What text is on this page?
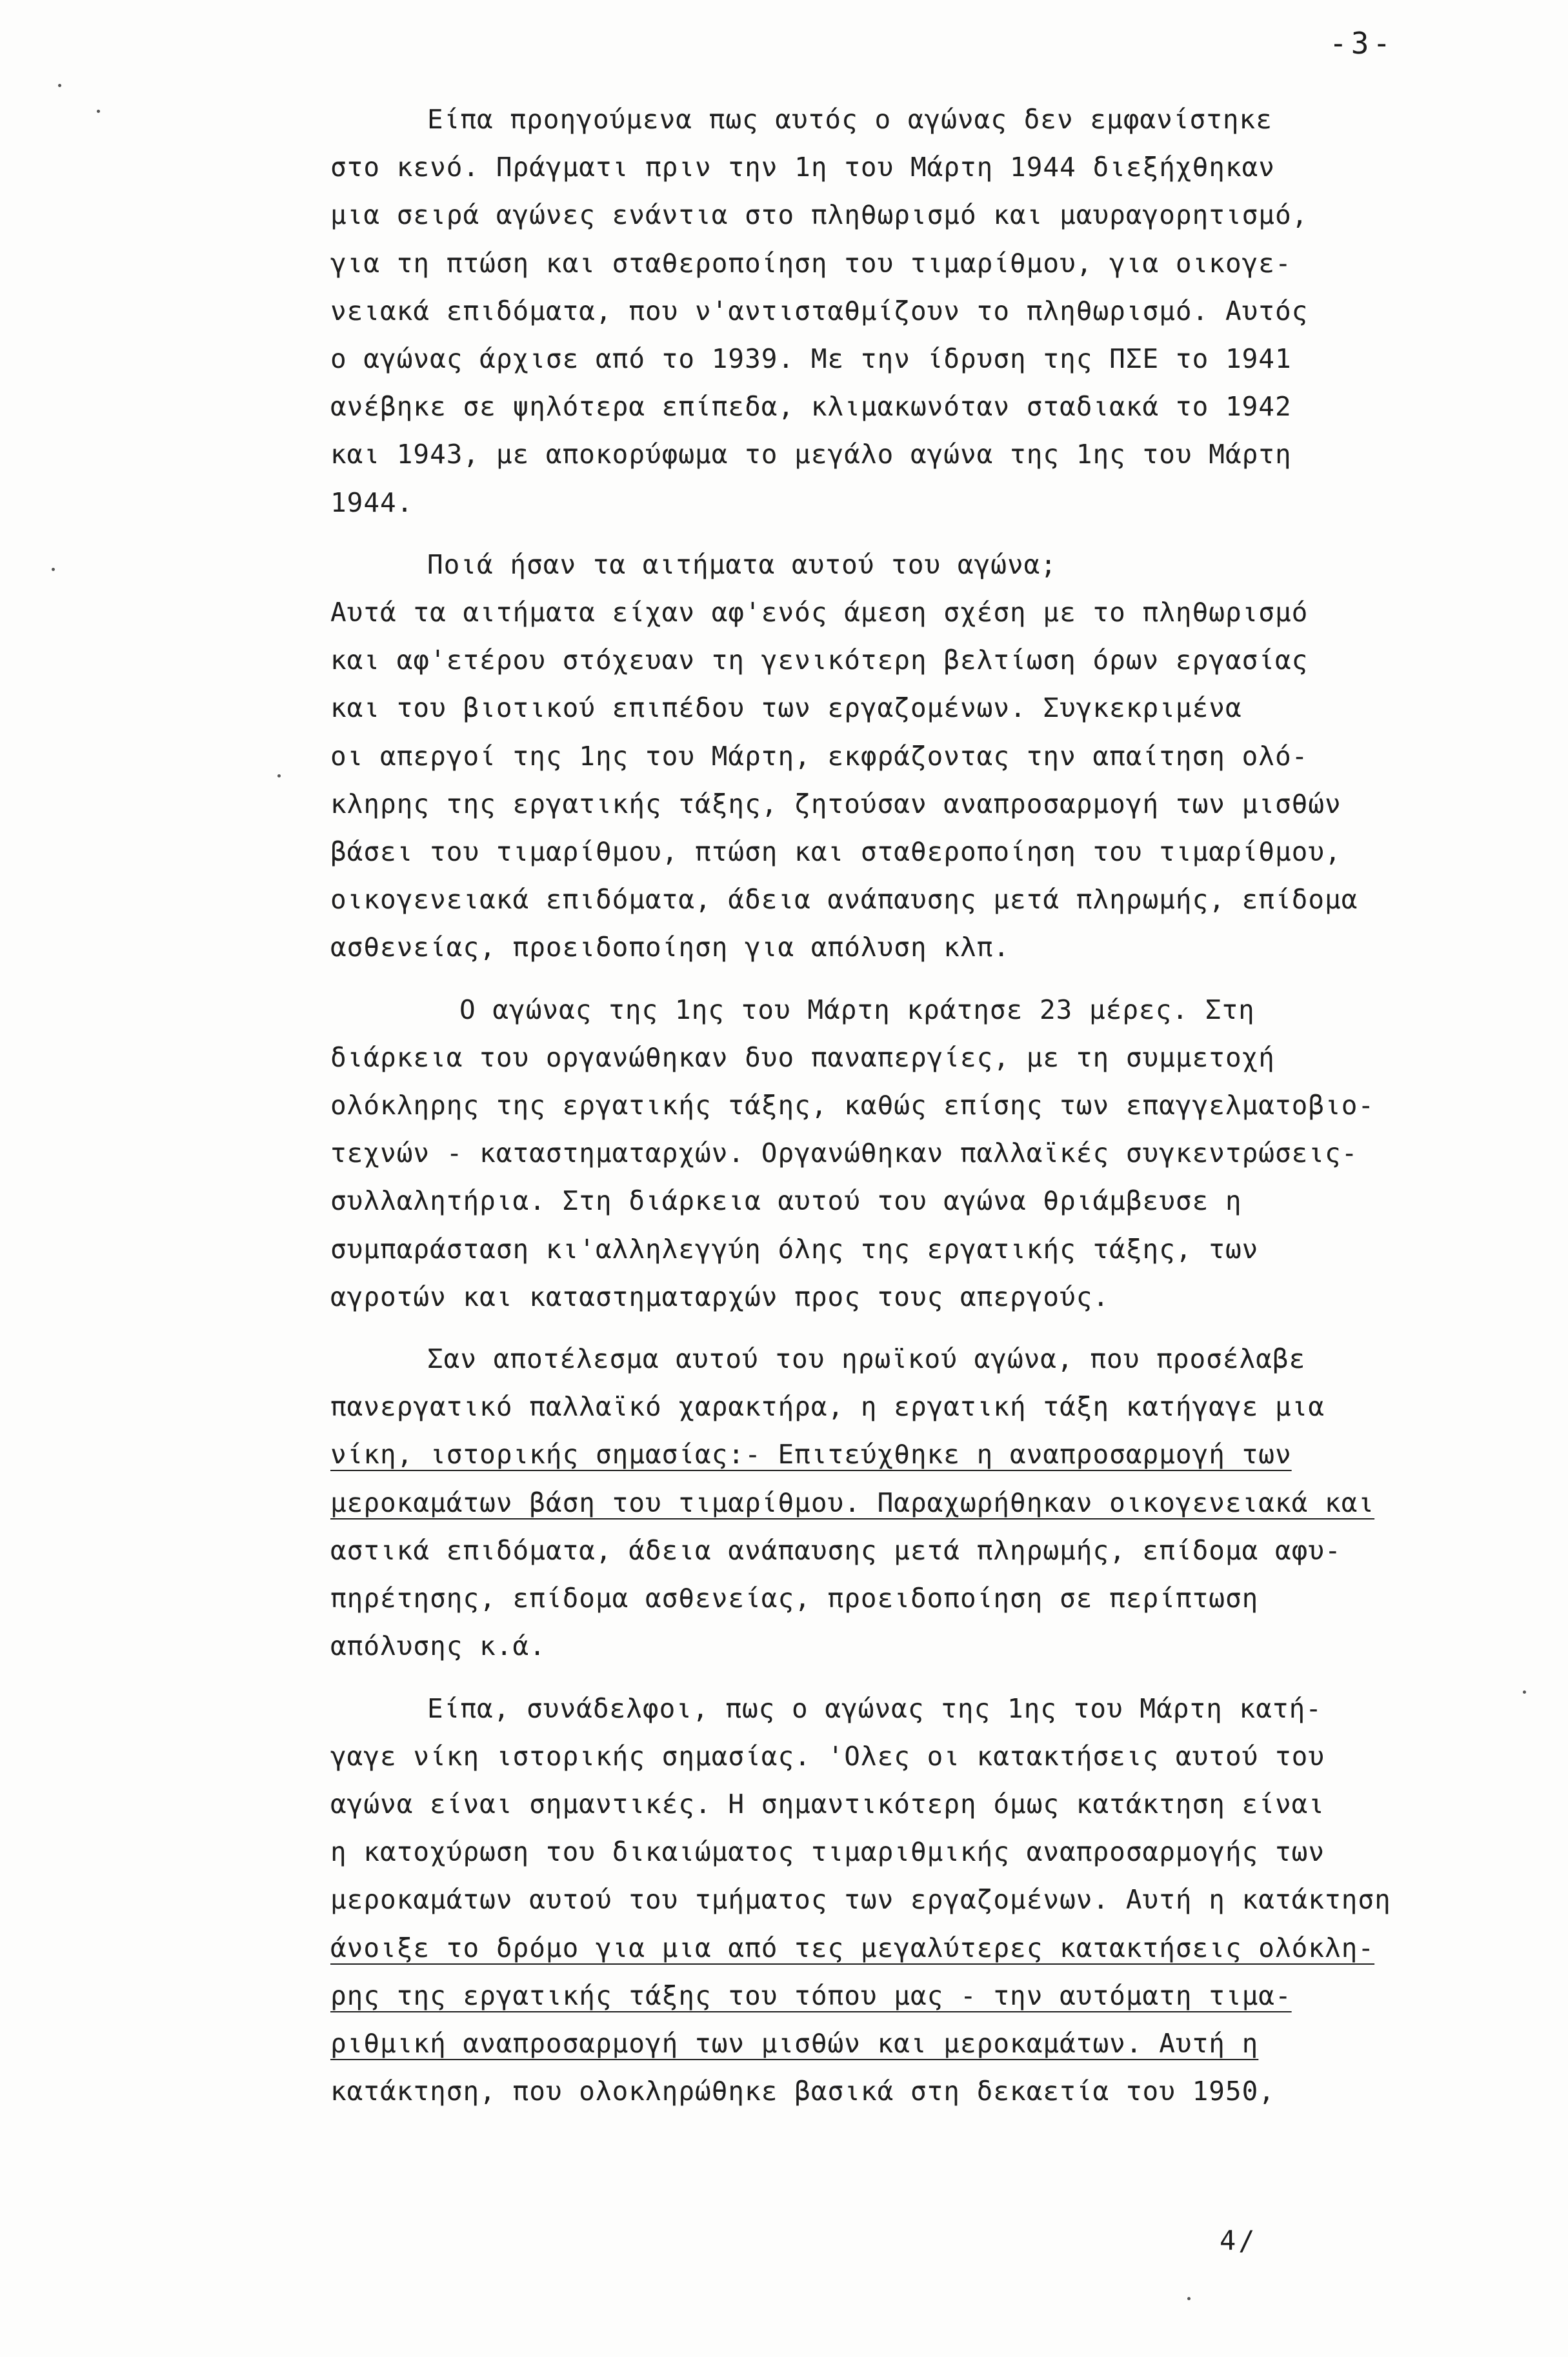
-3-
Είπα προηγούμενα πως αυτός ο αγώνας δεν εμφανίστηκε
στο κενό. Πράγματι πριν την 1η του Μάρτη 1944 διεξήχθηκαν
μια σειρά αγώνες ενάντια στο πληθωρισμό και μαυραγορητισμό,
για τη πτώση και σταθεροποίηση του τιμαρίθμου, για οικογε-
νειακά επιδόματα, που ν'αντισταθμίζουν το πληθωρισμό. Αυτός
ο αγώνας άρχισε από το 1939. Με την ίδρυση της ΠΣΕ το 1941
ανέβηκε σε ψηλότερα επίπεδα, κλιμακωνόταν σταδιακά το 1942
και 1943, με αποκορύφωμα το μεγάλο αγώνα της 1ης του Μάρτη
1944.
Ποιά ήσαν τα αιτήματα αυτού του αγώνα;
Αυτά τα αιτήματα είχαν αφ'ενός άμεση σχέση με το πληθωρισμό
και αφ'ετέρου στόχευαν τη γενικότερη βελτίωση όρων εργασίας
και του βιοτικού επιπέδου των εργαζομένων. Συγκεκριμένα
οι απεργοί της 1ης του Μάρτη, εκφράζοντας την απαίτηση ολό-
κληρης της εργατικής τάξης, ζητούσαν αναπροσαρμογή των μισθών
βάσει του τιμαρίθμου, πτώση και σταθεροποίηση του τιμαρίθμου,
οικογενειακά επιδόματα, άδεια ανάπαυσης μετά πληρωμής, επίδομα
ασθενείας, προειδοποίηση για απόλυση κλπ.
Ο αγώνας της 1ης του Μάρτη κράτησε 23 μέρες. Στη
διάρκεια του οργανώθηκαν δυο παναπεργίες, με τη συμμετοχή
ολόκληρης της εργατικής τάξης, καθώς επίσης των επαγγελματοβιο-
τεχνών - καταστηματαρχών. Οργανώθηκαν παλλαϊκές συγκεντρώσεις-
συλλαλητήρια. Στη διάρκεια αυτού του αγώνα θριάμβευσε η
συμπαράσταση κι'αλληλεγγύη όλης της εργατικής τάξης, των
αγροτών και καταστηματαρχών προς τους απεργούς.
Σαν αποτέλεσμα αυτού του ηρωϊκού αγώνα, που προσέλαβε
πανεργατικό παλλαϊκό χαρακτήρα, η εργατική τάξη κατήγαγε μια
νίκη, ιστορικής σημασίας:- Επιτεύχθηκε η αναπροσαρμογή των
μεροκαμάτων βάση του τιμαρίθμου. Παραχωρήθηκαν οικογενειακά και
αστικά επιδόματα, άδεια ανάπαυσης μετά πληρωμής, επίδομα αφυ-
πηρέτησης, επίδομα ασθενείας, προειδοποίηση σε περίπτωση
απόλυσης κ.ά.
Είπα, συνάδελφοι, πως ο αγώνας της 1ης του Μάρτη κατή-
γαγε νίκη ιστορικής σημασίας. 'Ολες οι κατακτήσεις αυτού του
αγώνα είναι σημαντικές. Η σημαντικότερη όμως κατάκτηση είναι
η κατοχύρωση του δικαιώματος τιμαριθμικής αναπροσαρμογής των
μεροκαμάτων αυτού του τμήματος των εργαζομένων. Αυτή η κατάκτηση
άνοιξε το δρόμο για μια από τες μεγαλύτερες κατακτήσεις ολόκλη-
ρης της εργατικής τάξης του τόπου μας - την αυτόματη τιμα-
ριθμική αναπροσαρμογή των μισθών και μεροκαμάτων. Αυτή η
κατάκτηση, που ολοκληρώθηκε βασικά στη δεκαετία του 1950,
4/
